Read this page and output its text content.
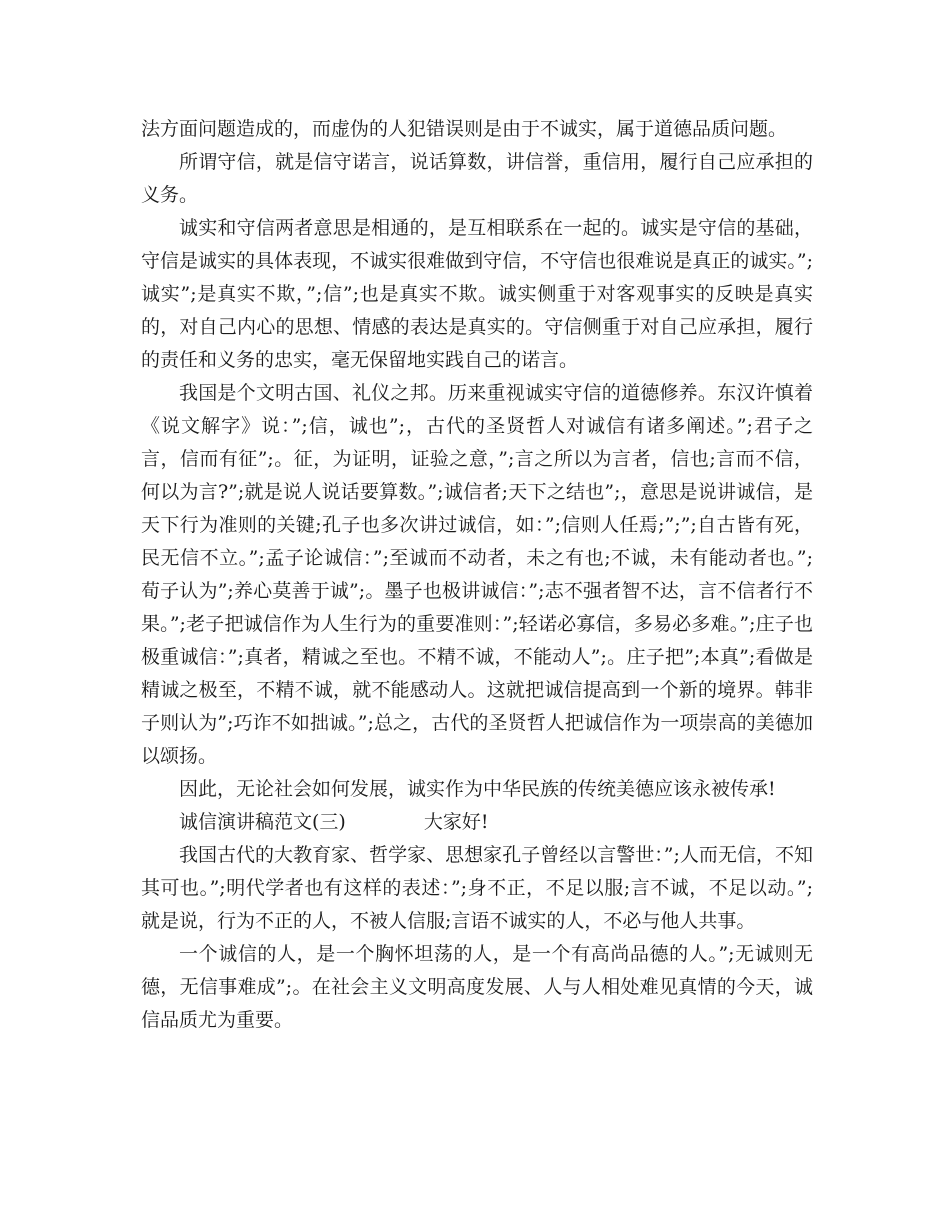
法方面问题造成的，而虚伪的人犯错误则是由于不诚实，属于道德品质问题。

所谓守信，就是信守诺言，说话算数，讲信誉，重信用，履行自己应承担的义务。

诚实和守信两者意思是相通的，是互相联系在一起的。诚实是守信的基础，守信是诚实的具体表现，不诚实很难做到守信，不守信也很难说是真正的诚实。”;诚实”;是真实不欺，”;信”;也是真实不欺。诚实侧重于对客观事实的反映是真实的，对自己内心的思想、情感的表达是真实的。守信侧重于对自己应承担，履行的责任和义务的忠实，毫无保留地实践自己的诺言。

我国是个文明古国、礼仪之邦。历来重视诚实守信的道德修养。东汉许慎着《说文解字》说：”;信，诚也”;，古代的圣贤哲人对诚信有诸多阐述。”;君子之言，信而有征”;。征，为证明，证验之意，”;言之所以为言者，信也;言而不信，何以为言?”;就是说人说话要算数。”;诚信者;天下之结也”;，意思是说讲诚信，是天下行为准则的关键;孔子也多次讲过诚信，如：”;信则人任焉;”;”;自古皆有死，民无信不立。”;孟子论诚信：”;至诚而不动者，未之有也;不诚，未有能动者也。”;荀子认为”;养心莫善于诚”;。墨子也极讲诚信：”;志不强者智不达，言不信者行不果。”;老子把诚信作为人生行为的重要准则：”;轻诺必寡信，多易必多难。”;庄子也极重诚信：”;真者，精诚之至也。不精不诚，不能动人”;。庄子把”;本真”;看做是精诚之极至，不精不诚，就不能感动人。这就把诚信提高到一个新的境界。韩非子则认为”;巧诈不如拙诚。”;总之，古代的圣贤哲人把诚信作为一项崇高的美德加以颂扬。

因此，无论社会如何发展，诚实作为中华民族的传统美德应该永被传承!

诚信演讲稿范文(三)	大家好!

我国古代的大教育家、哲学家、思想家孔子曾经以言警世：”;人而无信，不知其可也。”;明代学者也有这样的表述：”;身不正，不足以服;言不诚，不足以动。”;就是说，行为不正的人，不被人信服;言语不诚实的人，不必与他人共事。

一个诚信的人，是一个胸怀坦荡的人，是一个有高尚品德的人。”;无诚则无德，无信事难成”;。在社会主义文明高度发展、人与人相处难见真情的今天，诚信品质尤为重要。
